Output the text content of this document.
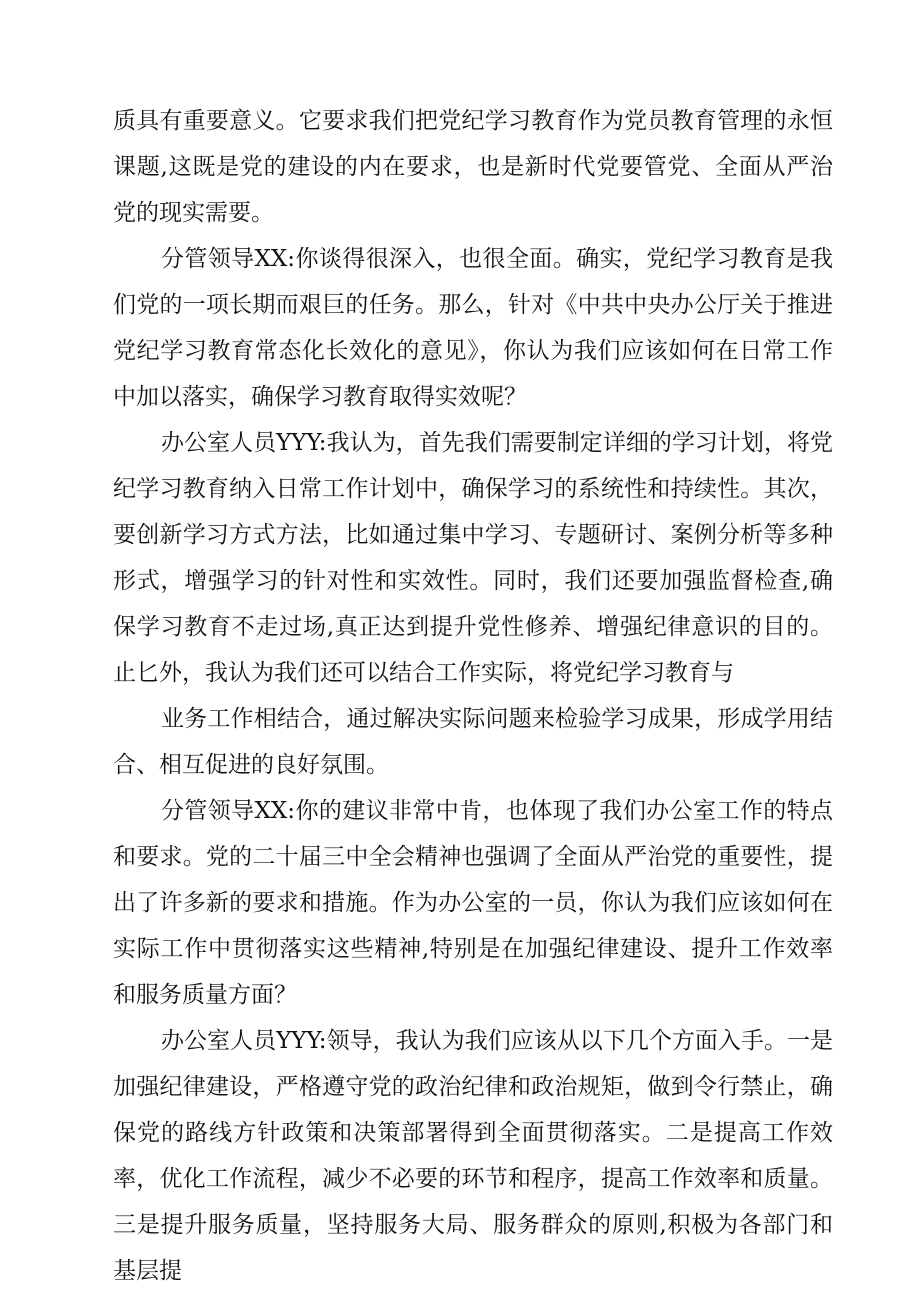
质具有重要意义。它要求我们把党纪学习教育作为党员教育管理的永恒课题,这既是党的建设的内在要求，也是新时代党要管党、全面从严治党的现实需要。

分管领导XX:你谈得很深入，也很全面。确实，党纪学习教育是我们党的一项长期而艰巨的任务。那么，针对《中共中央办公厅关于推进党纪学习教育常态化长效化的意见》，你认为我们应该如何在日常工作中加以落实，确保学习教育取得实效呢？

办公室人员YYY:我认为，首先我们需要制定详细的学习计划，将党纪学习教育纳入日常工作计划中，确保学习的系统性和持续性。其次，要创新学习方式方法，比如通过集中学习、专题研讨、案例分析等多种形式，增强学习的针对性和实效性。同时，我们还要加强监督检查,确保学习教育不走过场,真正达到提升党性修养、增强纪律意识的目的。止匕外，我认为我们还可以结合工作实际，将党纪学习教育与

业务工作相结合，通过解决实际问题来检验学习成果，形成学用结合、相互促进的良好氛围。

分管领导XX:你的建议非常中肯，也体现了我们办公室工作的特点和要求。党的二十届三中全会精神也强调了全面从严治党的重要性，提出了许多新的要求和措施。作为办公室的一员，你认为我们应该如何在实际工作中贯彻落实这些精神,特别是在加强纪律建设、提升工作效率和服务质量方面？

办公室人员YYY:领导，我认为我们应该从以下几个方面入手。一是加强纪律建设，严格遵守党的政治纪律和政治规矩，做到令行禁止，确保党的路线方针政策和决策部署得到全面贯彻落实。二是提高工作效率，优化工作流程，减少不必要的环节和程序，提高工作效率和质量。三是提升服务质量，坚持服务大局、服务群众的原则,积极为各部门和基层提
